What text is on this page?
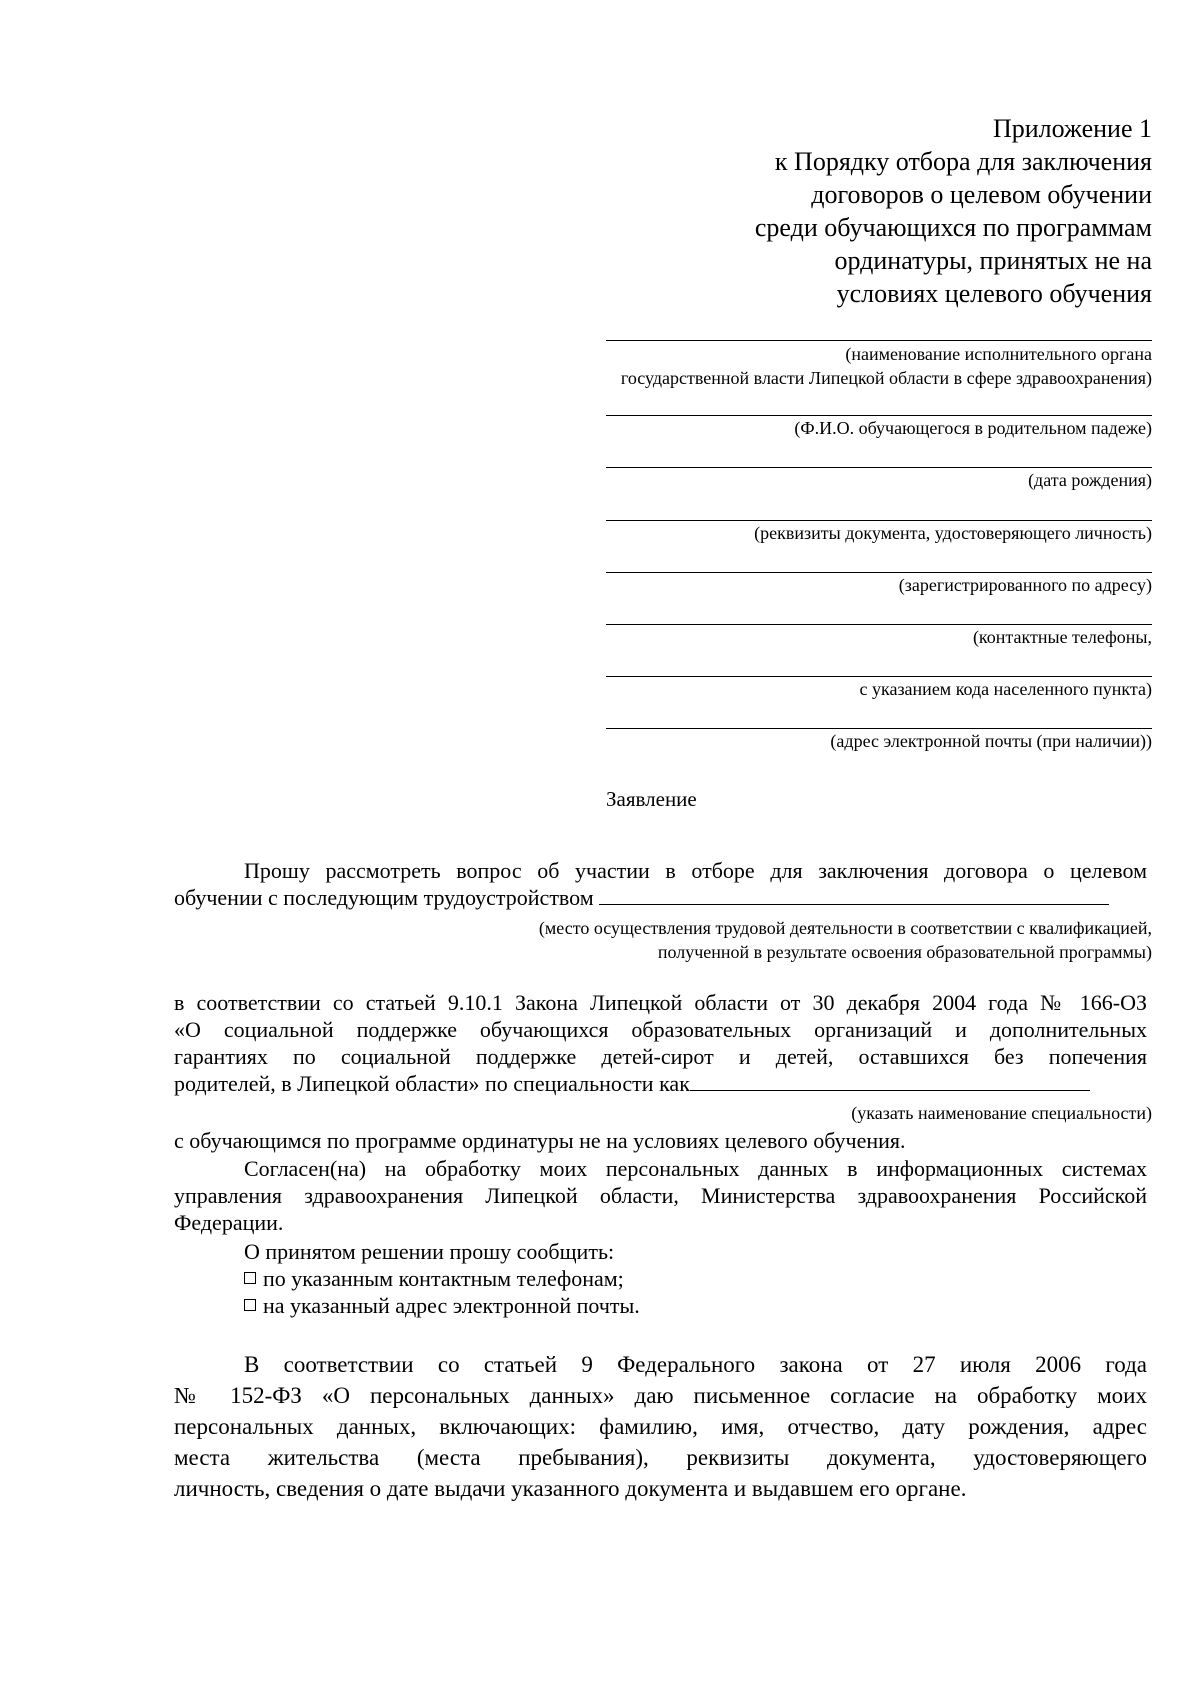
Приложение 1
к Порядку отбора для заключения
договоров о целевом обучении
среди обучающихся по программам
ординатуры, принятых не на
условиях целевого обучения
(наименование исполнительного органа
государственной власти Липецкой области в сфере здравоохранения)
(Ф.И.О. обучающегося в родительном падеже)
(дата рождения)
(реквизиты документа, удостоверяющего личность)
(зарегистрированного по адресу)
(контактные телефоны,
с указанием кода населенного пункта)
(адрес электронной почты (при наличии))
Заявление
Прошу рассмотреть вопрос об участии в отборе для заключения договора о целевом
обучении с последующим трудоустройством
(место осуществления трудовой деятельности в соответствии с квалификацией,
полученной в результате освоения образовательной программы)
в соответствии со статьей 9.10.1 Закона Липецкой области от 30 декабря 2004 года № 166-ОЗ
«О социальной поддержке обучающихся образовательных организаций и дополнительных
гарантиях по социальной поддержке детей-сирот и детей, оставшихся без попечения
родителей, в Липецкой области» по специальности как
(указать наименование специальности)
с обучающимся по программе ординатуры не на условиях целевого обучения.
Согласен(на) на обработку моих персональных данных в информационных системах
управления здравоохранения Липецкой области, Министерства здравоохранения Российской
Федерации.
О принятом решении прошу сообщить:
по указанным контактным телефонам;
на указанный адрес электронной почты.
В соответствии со статьей 9 Федерального закона от 27 июля 2006 года
№ 152-ФЗ «О персональных данных» даю письменное согласие на обработку моих
персональных данных, включающих: фамилию, имя, отчество, дату рождения, адрес
места жительства (места пребывания), реквизиты документа, удостоверяющего
личность, сведения о дате выдачи указанного документа и выдавшем его органе.
